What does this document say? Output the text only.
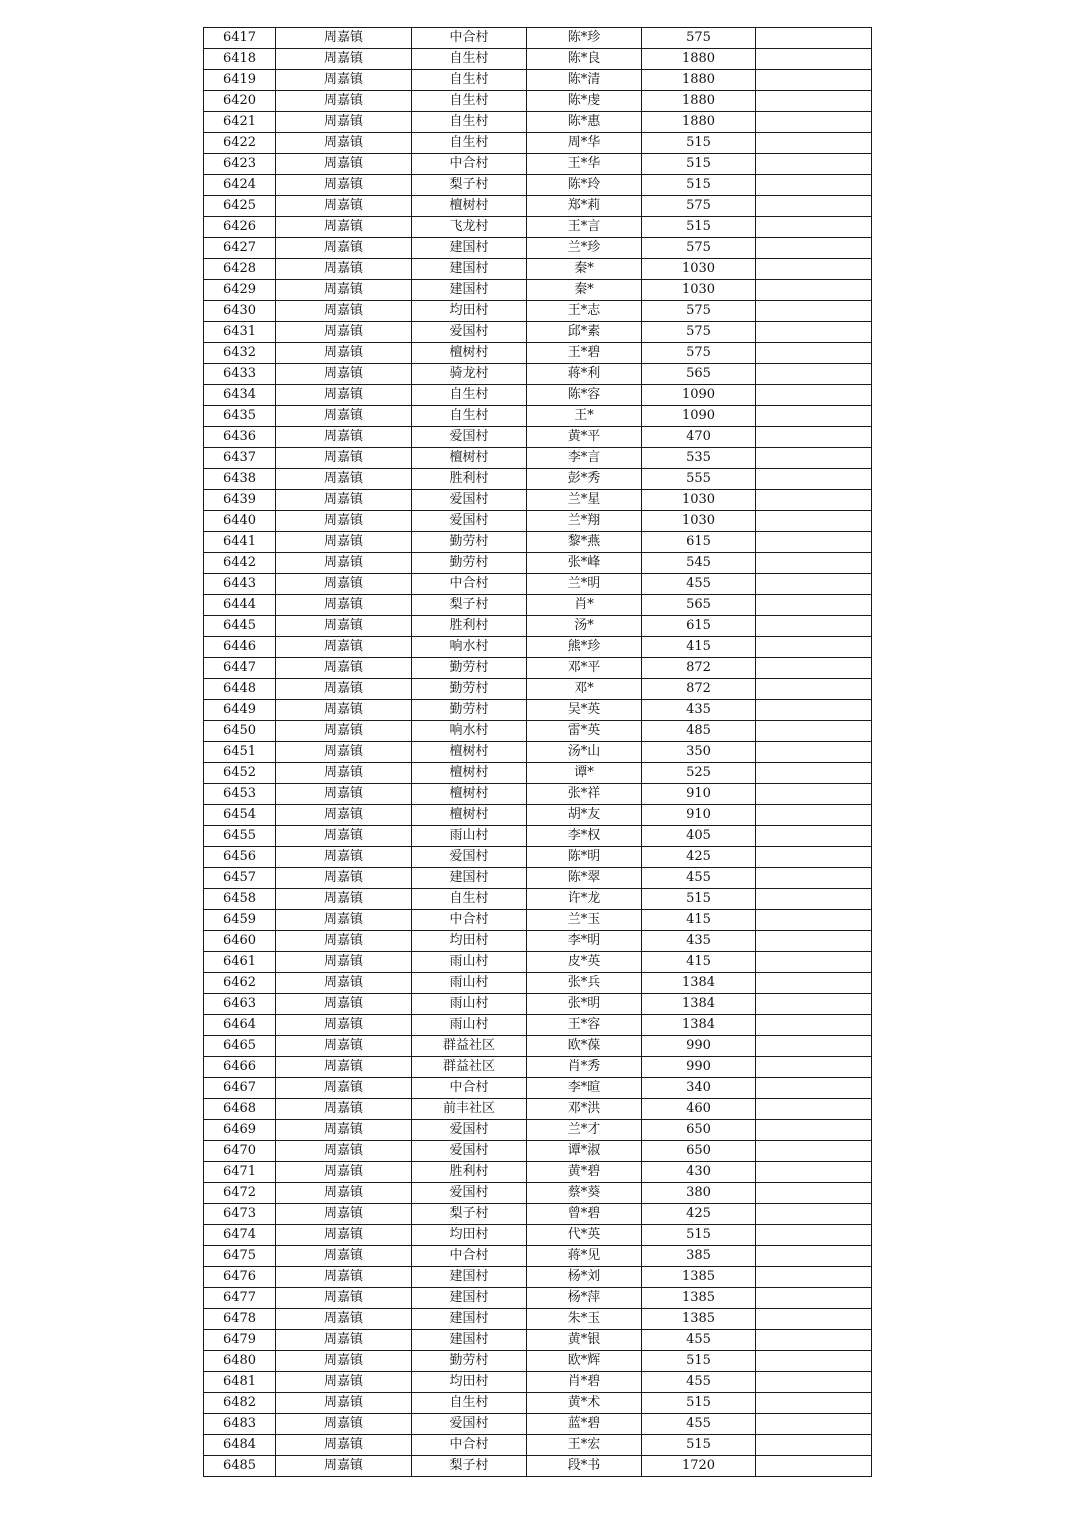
6417	周嘉镇	中合村	陈*珍	575	
6418	周嘉镇	自生村	陈*良	1880	
6419	周嘉镇	自生村	陈*清	1880	
6420	周嘉镇	自生村	陈*虔	1880	
6421	周嘉镇	自生村	陈*惠	1880	
6422	周嘉镇	自生村	周*华	515	
6423	周嘉镇	中合村	王*华	515	
6424	周嘉镇	梨子村	陈*玲	515	
6425	周嘉镇	檀树村	郑*莉	575	
6426	周嘉镇	飞龙村	王*言	515	
6427	周嘉镇	建国村	兰*珍	575	
6428	周嘉镇	建国村	秦*	1030	
6429	周嘉镇	建国村	秦*	1030	
6430	周嘉镇	均田村	王*志	575	
6431	周嘉镇	爱国村	邱*素	575	
6432	周嘉镇	檀树村	王*碧	575	
6433	周嘉镇	骑龙村	蒋*利	565	
6434	周嘉镇	自生村	陈*容	1090	
6435	周嘉镇	自生村	王*	1090	
6436	周嘉镇	爱国村	黄*平	470	
6437	周嘉镇	檀树村	李*言	535	
6438	周嘉镇	胜利村	彭*秀	555	
6439	周嘉镇	爱国村	兰*星	1030	
6440	周嘉镇	爱国村	兰*翔	1030	
6441	周嘉镇	勤劳村	黎*燕	615	
6442	周嘉镇	勤劳村	张*峰	545	
6443	周嘉镇	中合村	兰*明	455	
6444	周嘉镇	梨子村	肖*	565	
6445	周嘉镇	胜利村	汤*	615	
6446	周嘉镇	响水村	熊*珍	415	
6447	周嘉镇	勤劳村	邓*平	872	
6448	周嘉镇	勤劳村	邓*	872	
6449	周嘉镇	勤劳村	吴*英	435	
6450	周嘉镇	响水村	雷*英	485	
6451	周嘉镇	檀树村	汤*山	350	
6452	周嘉镇	檀树村	谭*	525	
6453	周嘉镇	檀树村	张*祥	910	
6454	周嘉镇	檀树村	胡*友	910	
6455	周嘉镇	雨山村	李*权	405	
6456	周嘉镇	爱国村	陈*明	425	
6457	周嘉镇	建国村	陈*翠	455	
6458	周嘉镇	自生村	许*龙	515	
6459	周嘉镇	中合村	兰*玉	415	
6460	周嘉镇	均田村	李*明	435	
6461	周嘉镇	雨山村	皮*英	415	
6462	周嘉镇	雨山村	张*兵	1384	
6463	周嘉镇	雨山村	张*明	1384	
6464	周嘉镇	雨山村	王*容	1384	
6465	周嘉镇	群益社区	欧*葆	990	
6466	周嘉镇	群益社区	肖*秀	990	
6467	周嘉镇	中合村	李*暄	340	
6468	周嘉镇	前丰社区	邓*洪	460	
6469	周嘉镇	爱国村	兰*才	650	
6470	周嘉镇	爱国村	谭*淑	650	
6471	周嘉镇	胜利村	黄*碧	430	
6472	周嘉镇	爱国村	蔡*葵	380	
6473	周嘉镇	梨子村	曾*碧	425	
6474	周嘉镇	均田村	代*英	515	
6475	周嘉镇	中合村	蒋*见	385	
6476	周嘉镇	建国村	杨*刘	1385	
6477	周嘉镇	建国村	杨*萍	1385	
6478	周嘉镇	建国村	朱*玉	1385	
6479	周嘉镇	建国村	黄*银	455	
6480	周嘉镇	勤劳村	欧*辉	515	
6481	周嘉镇	均田村	肖*碧	455	
6482	周嘉镇	自生村	黄*术	515	
6483	周嘉镇	爱国村	蓝*碧	455	
6484	周嘉镇	中合村	王*宏	515	
6485	周嘉镇	梨子村	段*书	1720	
